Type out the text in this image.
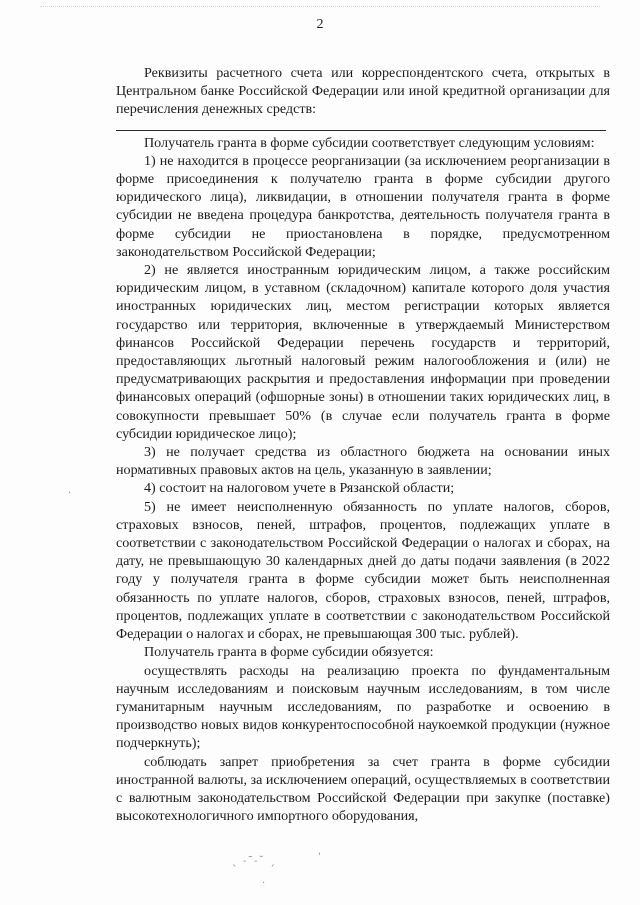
2

Реквизиты расчетного счета или корреспондентского счета, открытых в Центральном банке Российской Федерации или иной кредитной организации для перечисления денежных средств:

Получатель гранта в форме субсидии соответствует следующим условиям:

1) не находится в процессе реорганизации (за исключением реорганизации в форме присоединения к получателю гранта в форме субсидии другого юридического лица), ликвидации, в отношении получателя гранта в форме субсидии не введена процедура банкротства, деятельность получателя гранта в форме субсидии не приостановлена в порядке, предусмотренном законодательством Российской Федерации;

2) не является иностранным юридическим лицом, а также российским юридическим лицом, в уставном (складочном) капитале которого доля участия иностранных юридических лиц, местом регистрации которых является государство или территория, включенные в утверждаемый Министерством финансов Российской Федерации перечень государств и территорий, предоставляющих льготный налоговый режим налогообложения и (или) не предусматривающих раскрытия и предоставления информации при проведении финансовых операций (офшорные зоны) в отношении таких юридических лиц, в совокупности превышает 50% (в случае если получатель гранта в форме субсидии юридическое лицо);

3) не получает средства из областного бюджета на основании иных нормативных правовых актов на цель, указанную в заявлении;

4) состоит на налоговом учете в Рязанской области;

5) не имеет неисполненную обязанность по уплате налогов, сборов, страховых взносов, пеней, штрафов, процентов, подлежащих уплате в соответствии с законодательством Российской Федерации о налогах и сборах, на дату, не превышающую 30 календарных дней до даты подачи заявления (в 2022 году у получателя гранта в форме субсидии может быть неисполненная обязанность по уплате налогов, сборов, страховых взносов, пеней, штрафов, процентов, подлежащих уплате в соответствии с законодательством Российской Федерации о налогах и сборах, не превышающая 300 тыс. рублей).

Получатель гранта в форме субсидии обязуется:

осуществлять расходы на реализацию проекта по фундаментальным научным исследованиям и поисковым научным исследованиям, в том числе гуманитарным научным исследованиям, по разработке и освоению в производство новых видов конкурентоспособной наукоемкой продукции (нужное подчеркнуть);

соблюдать запрет приобретения за счет гранта в форме субсидии иностранной валюты, за исключением операций, осуществляемых в соответствии с валютным законодательством Российской Федерации при закупке (поставке) высокотехнологичного импортного оборудования,

·
ˎ ˗ˉ˗˘ ˏ	ˈ
·
